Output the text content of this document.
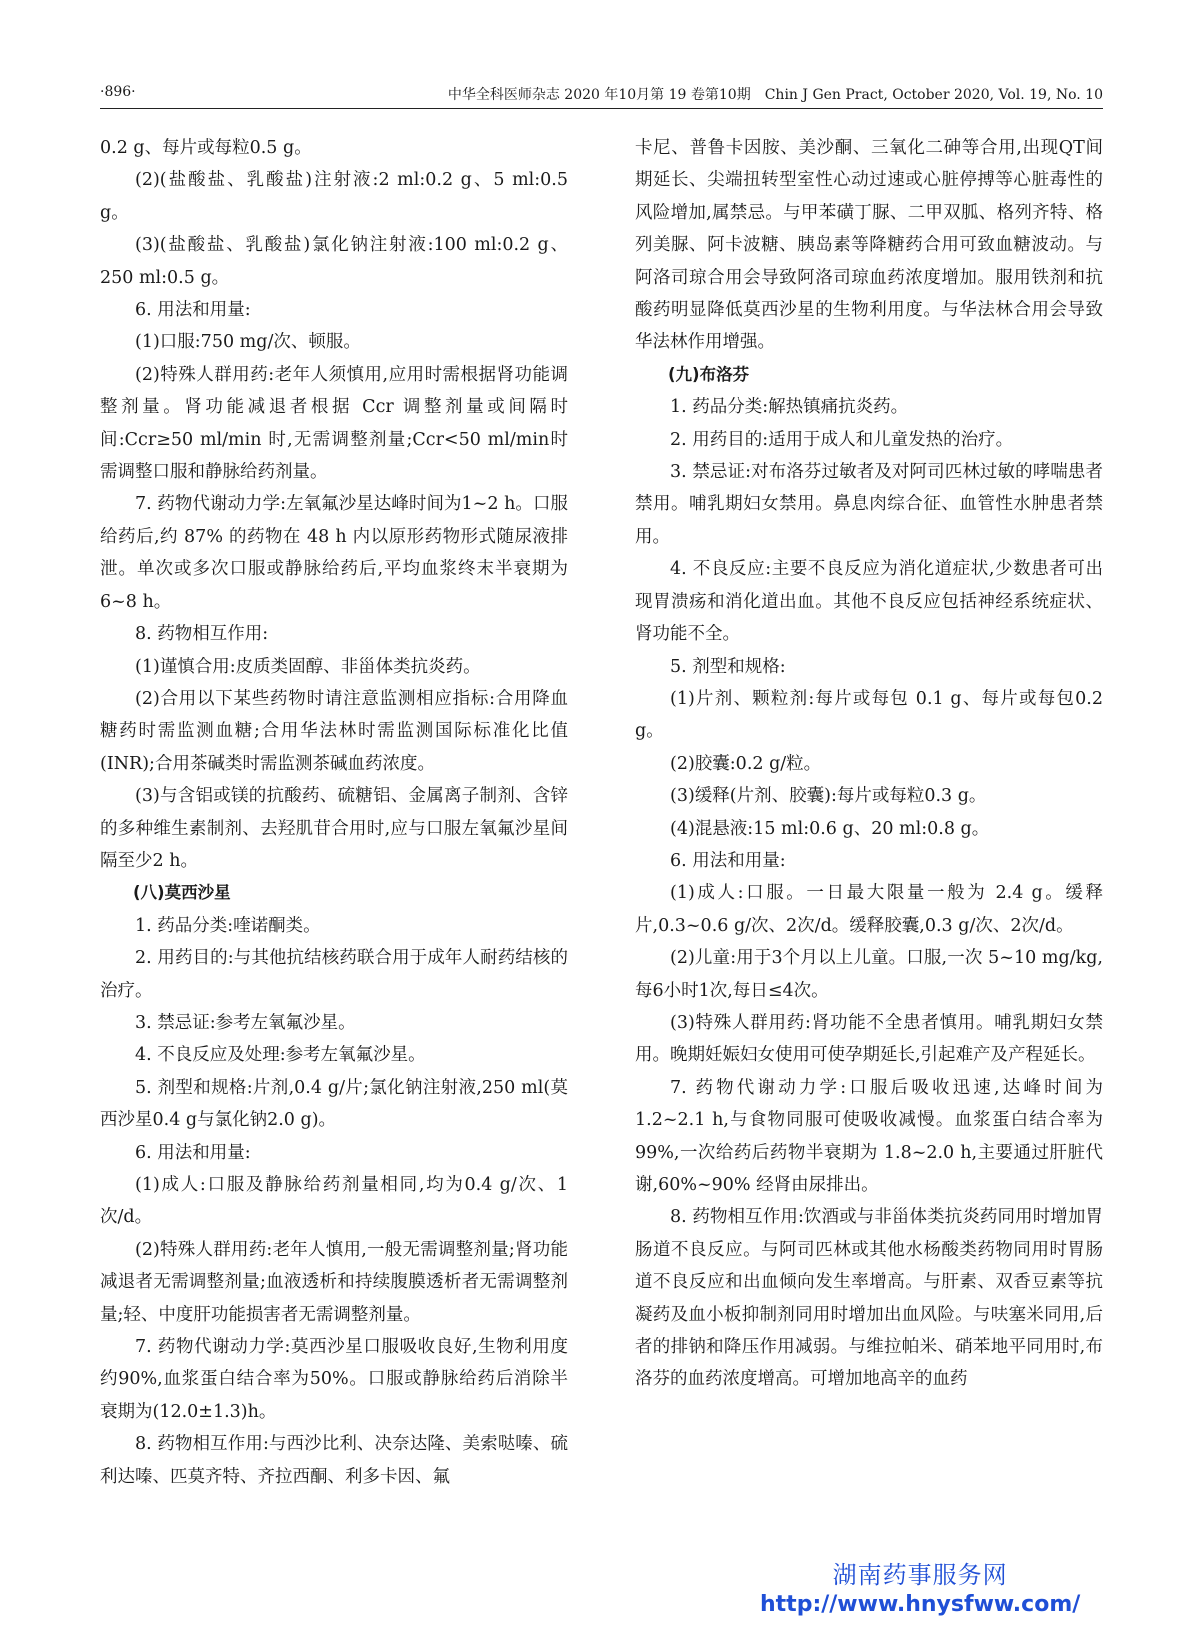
·896·	中华全科医师杂志 2020 年10月第 19 卷第10期　Chin J Gen Pract, October 2020, Vol. 19, No. 10

0.2 g、每片或每粒0.5 g。

(2)(盐酸盐、乳酸盐)注射液:2 ml:0.2 g、5 ml:0.5 g。

(3)(盐酸盐、乳酸盐)氯化钠注射液:100 ml:0.2 g、250 ml:0.5 g。

6. 用法和用量:

(1)口服:750 mg/次、顿服。

(2)特殊人群用药:老年人须慎用,应用时需根据肾功能调整剂量。肾功能减退者根据 Ccr 调整剂量或间隔时间:Ccr≥50 ml/min 时,无需调整剂量;Ccr<50 ml/min时需调整口服和静脉给药剂量。

7. 药物代谢动力学:左氧氟沙星达峰时间为1~2 h。口服给药后,约 87% 的药物在 48 h 内以原形药物形式随尿液排泄。单次或多次口服或静脉给药后,平均血浆终末半衰期为 6~8 h。

8. 药物相互作用:

(1)谨慎合用:皮质类固醇、非甾体类抗炎药。

(2)合用以下某些药物时请注意监测相应指标:合用降血糖药时需监测血糖;合用华法林时需监测国际标准化比值(INR);合用茶碱类时需监测茶碱血药浓度。

(3)与含铝或镁的抗酸药、硫糖铝、金属离子制剂、含锌的多种维生素制剂、去羟肌苷合用时,应与口服左氧氟沙星间隔至少2 h。

(八)莫西沙星

1. 药品分类:喹诺酮类。

2. 用药目的:与其他抗结核药联合用于成年人耐药结核的治疗。

3. 禁忌证:参考左氧氟沙星。

4. 不良反应及处理:参考左氧氟沙星。

5. 剂型和规格:片剂,0.4 g/片;氯化钠注射液,250 ml(莫西沙星0.4 g与氯化钠2.0 g)。

6. 用法和用量:

(1)成人:口服及静脉给药剂量相同,均为0.4 g/次、1次/d。

(2)特殊人群用药:老年人慎用,一般无需调整剂量;肾功能减退者无需调整剂量;血液透析和持续腹膜透析者无需调整剂量;轻、中度肝功能损害者无需调整剂量。

7. 药物代谢动力学:莫西沙星口服吸收良好,生物利用度约90%,血浆蛋白结合率为50%。口服或静脉给药后消除半衰期为(12.0±1.3)h。

8. 药物相互作用:与西沙比利、决奈达隆、美索哒嗪、硫利达嗪、匹莫齐特、齐拉西酮、利多卡因、氟

卡尼、普鲁卡因胺、美沙酮、三氧化二砷等合用,出现QT间期延长、尖端扭转型室性心动过速或心脏停搏等心脏毒性的风险增加,属禁忌。与甲苯磺丁脲、二甲双胍、格列齐特、格列美脲、阿卡波糖、胰岛素等降糖药合用可致血糖波动。与阿洛司琼合用会导致阿洛司琼血药浓度增加。服用铁剂和抗酸药明显降低莫西沙星的生物利用度。与华法林合用会导致华法林作用增强。

(九)布洛芬

1. 药品分类:解热镇痛抗炎药。

2. 用药目的:适用于成人和儿童发热的治疗。

3. 禁忌证:对布洛芬过敏者及对阿司匹林过敏的哮喘患者禁用。哺乳期妇女禁用。鼻息肉综合征、血管性水肿患者禁用。

4. 不良反应:主要不良反应为消化道症状,少数患者可出现胃溃疡和消化道出血。其他不良反应包括神经系统症状、肾功能不全。

5. 剂型和规格:

(1)片剂、颗粒剂:每片或每包 0.1 g、每片或每包0.2 g。

(2)胶囊:0.2 g/粒。

(3)缓释(片剂、胶囊):每片或每粒0.3 g。

(4)混悬液:15 ml:0.6 g、20 ml:0.8 g。

6. 用法和用量:

(1)成人:口服。一日最大限量一般为 2.4 g。缓释片,0.3~0.6 g/次、2次/d。缓释胶囊,0.3 g/次、2次/d。

(2)儿童:用于3个月以上儿童。口服,一次 5~10 mg/kg,每6小时1次,每日≤4次。

(3)特殊人群用药:肾功能不全患者慎用。哺乳期妇女禁用。晚期妊娠妇女使用可使孕期延长,引起难产及产程延长。

7. 药物代谢动力学:口服后吸收迅速,达峰时间为1.2~2.1 h,与食物同服可使吸收减慢。血浆蛋白结合率为99%,一次给药后药物半衰期为 1.8~2.0 h,主要通过肝脏代谢,60%~90% 经肾由尿排出。

8. 药物相互作用:饮酒或与非甾体类抗炎药同用时增加胃肠道不良反应。与阿司匹林或其他水杨酸类药物同用时胃肠道不良反应和出血倾向发生率增高。与肝素、双香豆素等抗凝药及血小板抑制剂同用时增加出血风险。与呋塞米同用,后者的排钠和降压作用减弱。与维拉帕米、硝苯地平同用时,布洛芬的血药浓度增高。可增加地高辛的血药

湖南药事服务网
http://www.hnysfww.com/
